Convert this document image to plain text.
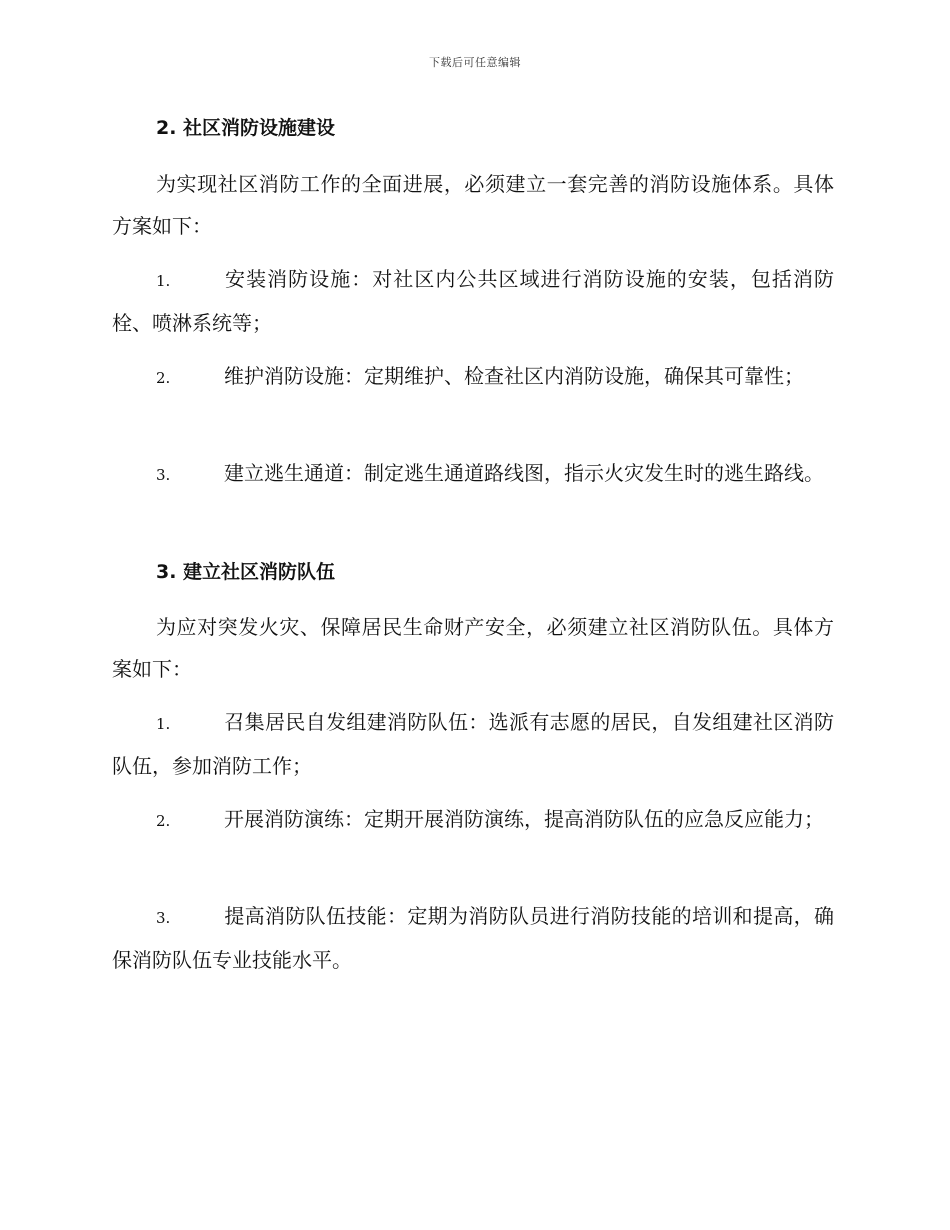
下载后可任意编辑
2. 社区消防设施建设
为实现社区消防工作的全面进展，必须建立一套完善的消防设施体系。具体方案如下：
1.	安装消防设施：对社区内公共区域进行消防设施的安装，包括消防栓、喷淋系统等；
2.	维护消防设施：定期维护、检查社区内消防设施，确保其可靠性；
3.	建立逃生通道：制定逃生通道路线图，指示火灾发生时的逃生路线。
3. 建立社区消防队伍
为应对突发火灾、保障居民生命财产安全，必须建立社区消防队伍。具体方案如下：
1.	召集居民自发组建消防队伍：选派有志愿的居民，自发组建社区消防队伍，参加消防工作；
2.	开展消防演练：定期开展消防演练，提高消防队伍的应急反应能力；
3.	提高消防队伍技能：定期为消防队员进行消防技能的培训和提高，确保消防队伍专业技能水平。
